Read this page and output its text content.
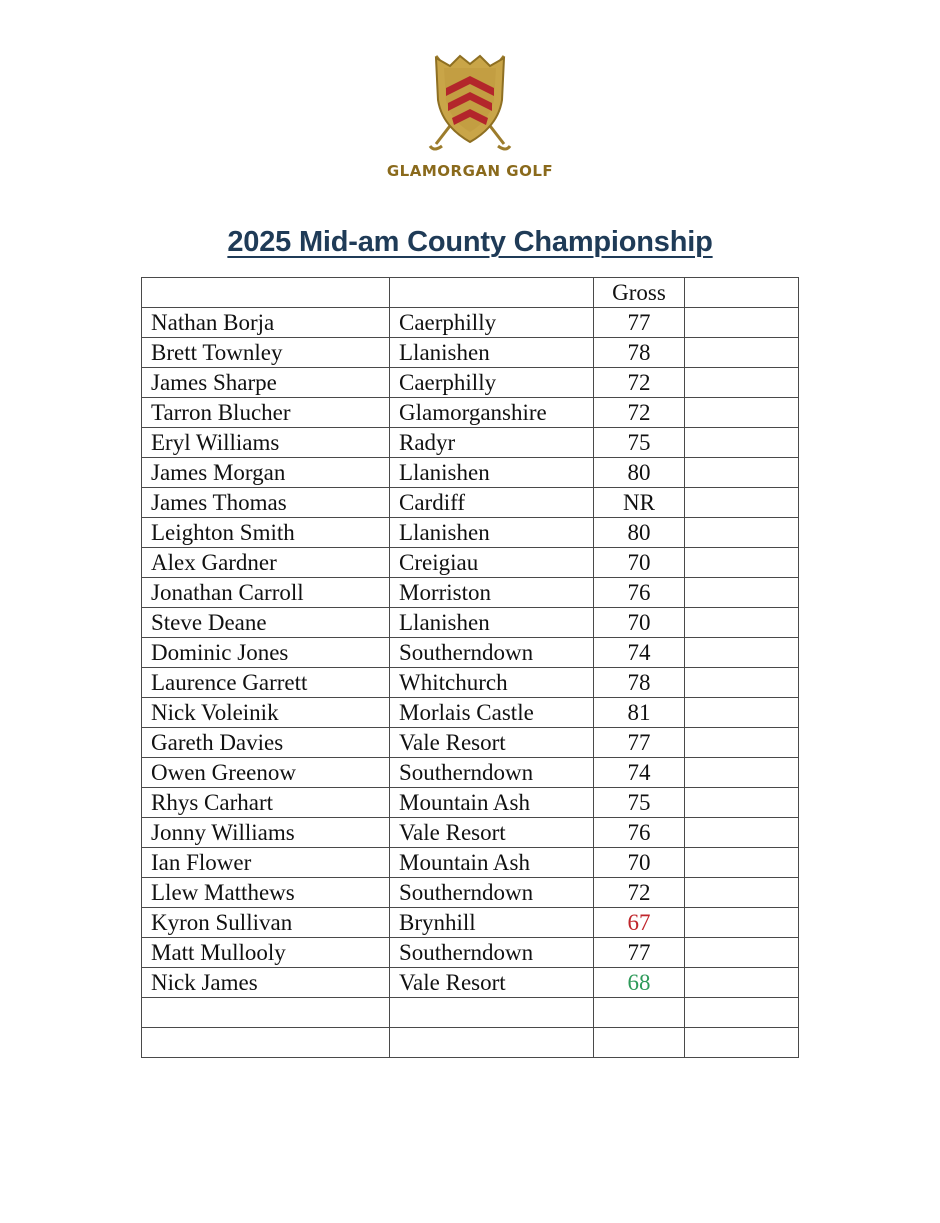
GLAMORGAN GOLF
2025 Mid-am County Championship
		Gross	
Nathan Borja	Caerphilly	77	
Brett Townley	Llanishen	78	
James Sharpe	Caerphilly	72	
Tarron Blucher	Glamorganshire	72	
Eryl Williams	Radyr	75	
James Morgan	Llanishen	80	
James Thomas	Cardiff	NR	
Leighton Smith	Llanishen	80	
Alex Gardner	Creigiau	70	
Jonathan Carroll	Morriston	76	
Steve Deane	Llanishen	70	
Dominic Jones	Southerndown	74	
Laurence Garrett	Whitchurch	78	
Nick Voleinik	Morlais Castle	81	
Gareth Davies	Vale Resort	77	
Owen Greenow	Southerndown	74	
Rhys Carhart	Mountain Ash	75	
Jonny Williams	Vale Resort	76	
Ian Flower	Mountain Ash	70	
Llew Matthews	Southerndown	72	
Kyron Sullivan	Brynhill	67	
Matt Mullooly	Southerndown	77	
Nick James	Vale Resort	68	
